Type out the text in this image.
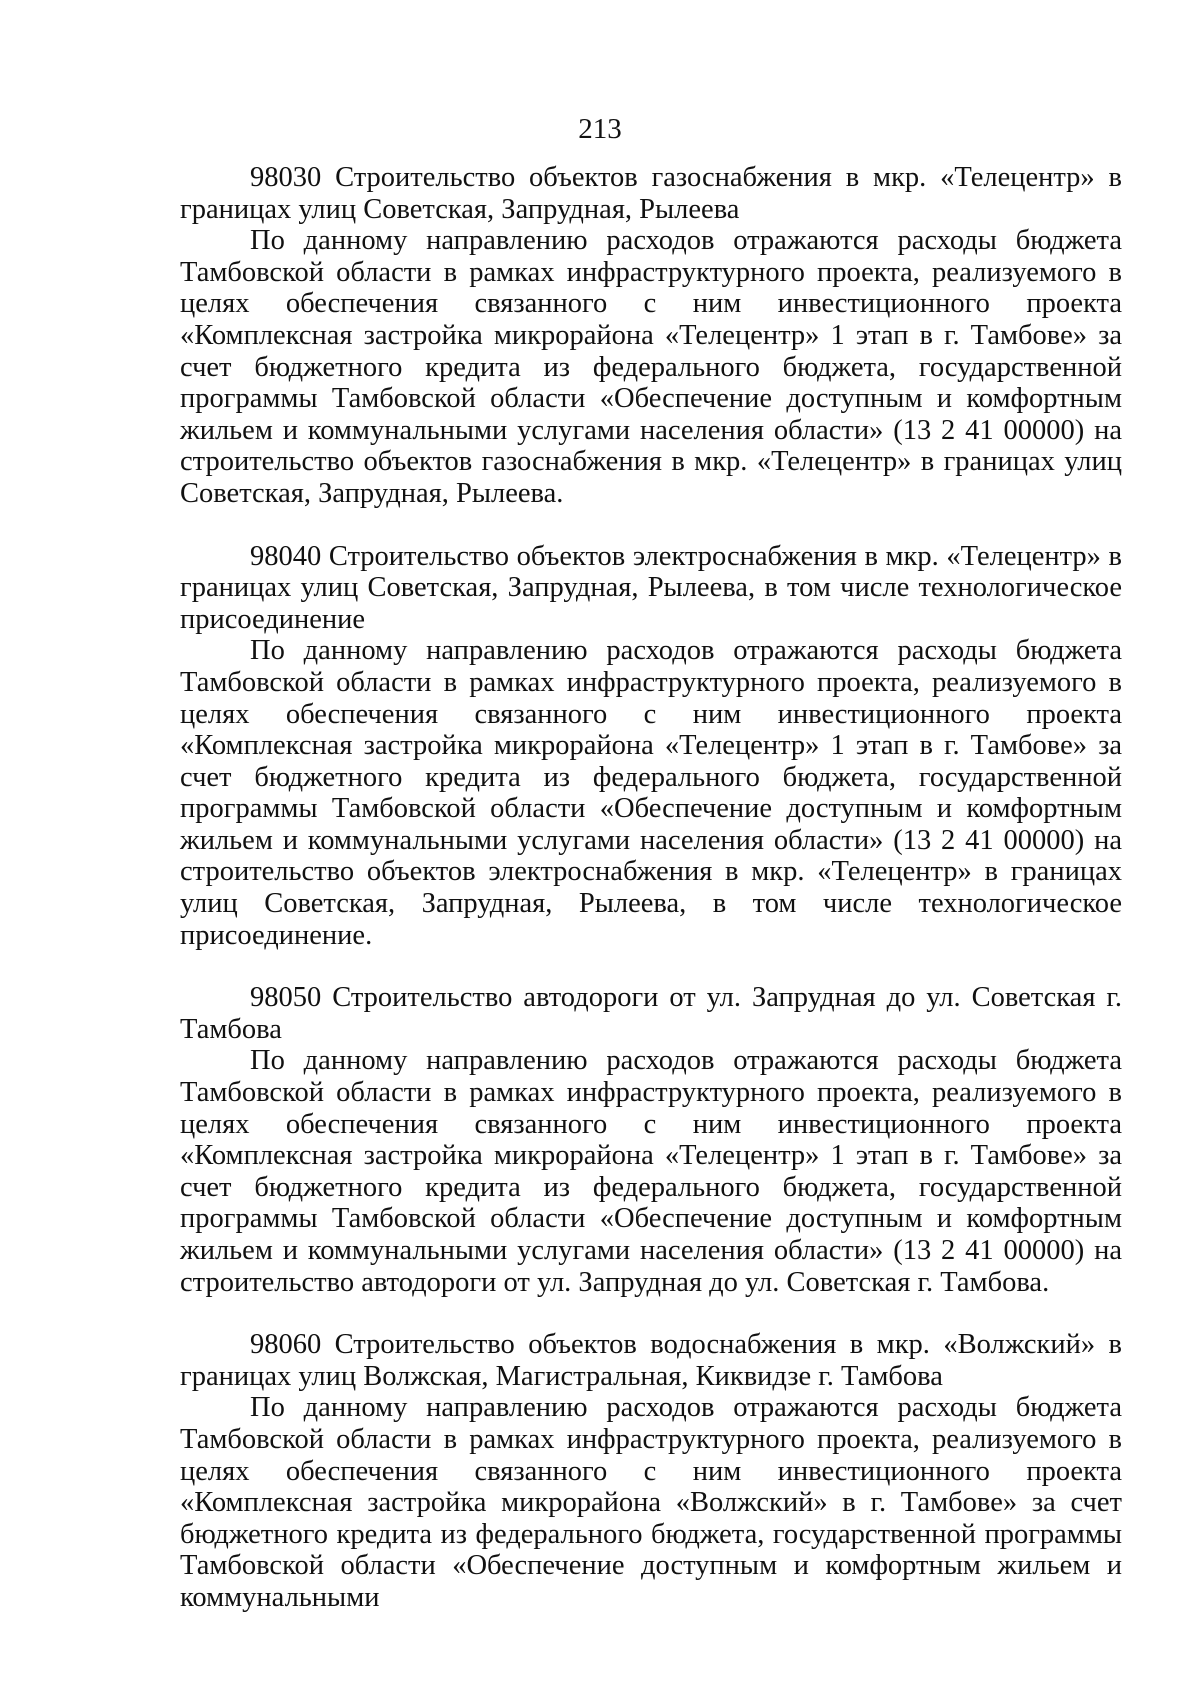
213

98030 Строительство объектов газоснабжения в мкр. «Телецентр» в границах улиц Советская, Запрудная, Рылеева

По данному направлению расходов отражаются расходы бюджета Тамбовской области в рамках инфраструктурного проекта, реализуемого в целях обеспечения связанного с ним инвестиционного проекта «Комплексная застройка микрорайона «Телецентр» 1 этап в г. Тамбове» за счет бюджетного кредита из федерального бюджета, государственной программы Тамбовской области «Обеспечение доступным и комфортным жильем и коммунальными услугами населения области» (13 2 41 00000) на строительство объектов газоснабжения в мкр. «Телецентр» в границах улиц Советская, Запрудная, Рылеева.

98040 Строительство объектов электроснабжения в мкр. «Телецентр» в границах улиц Советская, Запрудная, Рылеева, в том числе технологическое присоединение

По данному направлению расходов отражаются расходы бюджета Тамбовской области в рамках инфраструктурного проекта, реализуемого в целях обеспечения связанного с ним инвестиционного проекта «Комплексная застройка микрорайона «Телецентр» 1 этап в г. Тамбове» за счет бюджетного кредита из федерального бюджета, государственной программы Тамбовской области «Обеспечение доступным и комфортным жильем и коммунальными услугами населения области» (13 2 41 00000) на строительство объектов электроснабжения в мкр. «Телецентр» в границах улиц Советская, Запрудная, Рылеева, в том числе технологическое присоединение.

98050 Строительство автодороги от ул. Запрудная до ул. Советская г. Тамбова

По данному направлению расходов отражаются расходы бюджета Тамбовской области в рамках инфраструктурного проекта, реализуемого в целях обеспечения связанного с ним инвестиционного проекта «Комплексная застройка микрорайона «Телецентр» 1 этап в г. Тамбове» за счет бюджетного кредита из федерального бюджета, государственной программы Тамбовской области «Обеспечение доступным и комфортным жильем и коммунальными услугами населения области» (13 2 41 00000) на строительство автодороги от ул. Запрудная до ул. Советская г. Тамбова.

98060 Строительство объектов водоснабжения в мкр. «Волжский» в границах улиц Волжская, Магистральная, Киквидзе г. Тамбова

По данному направлению расходов отражаются расходы бюджета Тамбовской области в рамках инфраструктурного проекта, реализуемого в целях обеспечения связанного с ним инвестиционного проекта «Комплексная застройка микрорайона «Волжский» в г. Тамбове» за счет бюджетного кредита из федерального бюджета, государственной программы Тамбовской области «Обеспечение доступным и комфортным жильем и коммунальными
